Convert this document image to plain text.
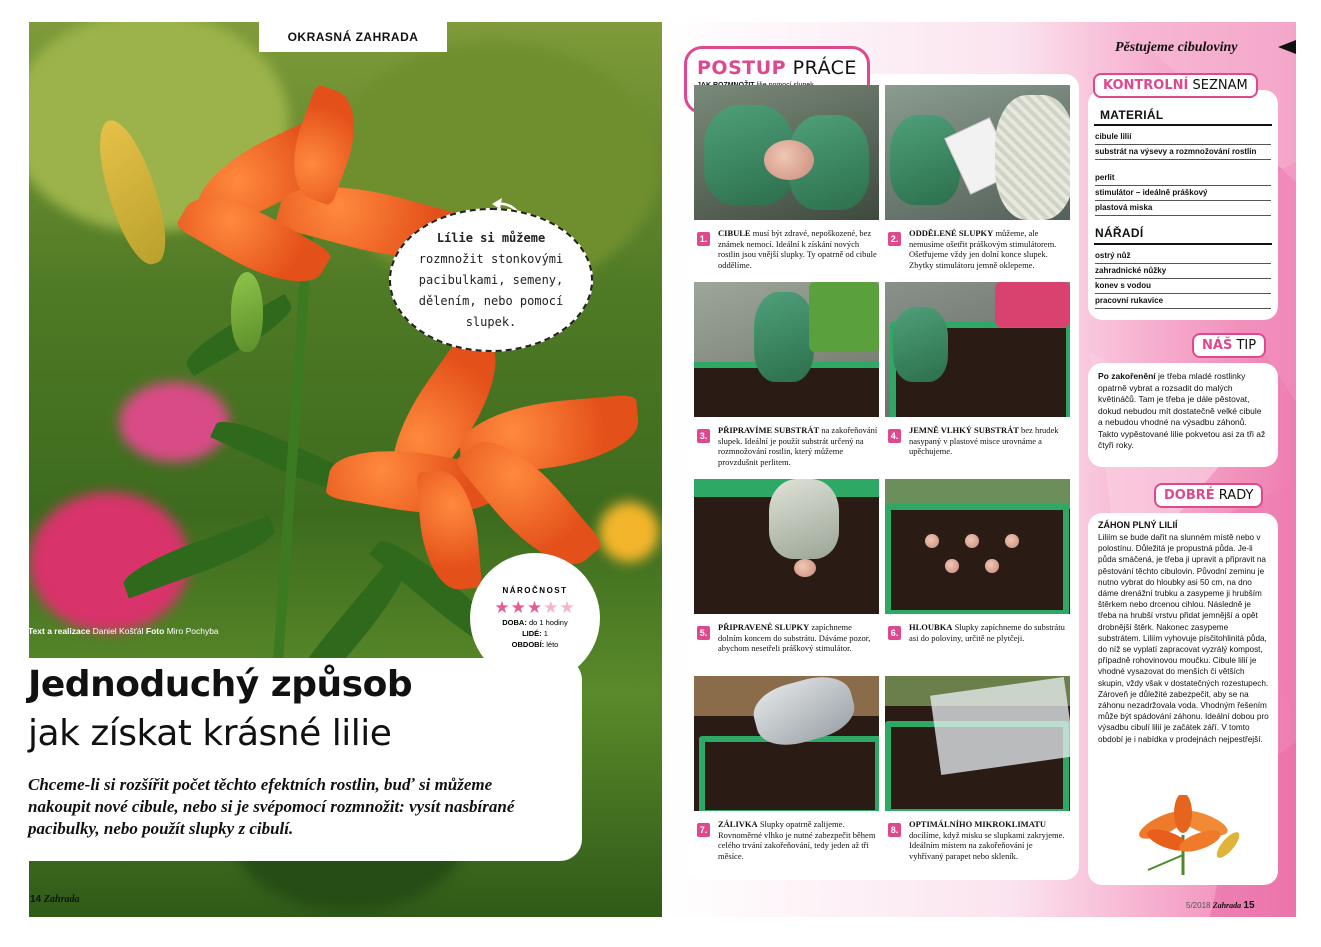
OKRASNÁ ZAHRADA
Lílie si můžeme rozmnožit stonkovými pacibulkami, semeny, dělením, nebo pomocí slupek.
Text a realizace Daniel Košťál Foto Miro Pochyba
NÁROČNOST
★★★★★
DOBA: do 1 hodiny
LIDÉ: 1
OBDOBÍ: léto
Jednoduchý způsob
jak získat krásné lilie
Chceme-li si rozšířit počet těchto efektních rostlin, buď si můžeme nakoupit nové cibule, nebo si je svépomocí rozmnožit: vysít nasbírané pacibulky, nebo použít slupky z cibulí.
14 Zahrada
Pěstujeme cibuloviny
POSTUP PRÁCE
1.
CIBULE musí být zdravé, nepoškozené, bez známek nemocí. Ideální k získání nových rostlin jsou vnější slupky. Ty opatrně od cibule oddělíme.
2.
ODDĚLENÉ SLUPKY můžeme, ale nemusíme ošetřit práškovým stimulátorem. Ošetřujeme vždy jen dolní konce slupek. Zbytky stimulátoru jemně oklepeme.
3.
PŘIPRAVÍME SUBSTRÁT na zakořeňování slupek. Ideální je použít substrát určený na rozmnožování rostlin, který můžeme provzdušnit perlitem.
4.
JEMNĚ VLHKÝ SUBSTRÁT bez hrudek nasypaný v plastové misce urovnáme a upěchujeme.
5.
PŘIPRAVENÉ SLUPKY zapíchneme dolním koncem do substrátu. Dáváme pozor, abychom nesetřeli práškový stimulátor.
6.
HLOUBKA Slupky zapíchneme do substrátu asi do poloviny, určitě ne plytčeji.
7.
ZÁLIVKA Slupky opatrně zalijeme. Rovnoměrné vlhko je nutné zabezpečit během celého trvání zakořeňování, tedy jeden až tři měsíce.
8.
OPTIMÁLNÍHO MIKROKLIMATU docílíme, když misku se slupkami zakryjeme. Ideálním místem na zakořeňování je vyhřívaný parapet nebo skleník.
KONTROLNÍ SEZNAM
MATERIÁL
cibule lilií
substrát na výsevy a rozmnožování rostlin
perlit
stimulátor – ideálně práškový
plastová miska
NÁŘADÍ
ostrý nůž
zahradnické nůžky
konev s vodou
pracovní rukavice
NÁŠ TIP
Po zakořenění je třeba mladé rostlinky opatrně vybrat a rozsadit do malých květináčů. Tam je třeba je dále pěstovat, dokud nebudou mít dostatečně velké cibule a nebudou vhodné na výsadbu záhonů. Takto vypěstované lilie pokvetou asi za tři až čtyři roky.
DOBRÉ RADY
ZÁHON PLNÝ LILIÍ
Liliím se bude dařit na slunném místě nebo v polostínu. Důležitá je propustná půda. Je-li půda smáčená, je třeba ji upravit a připravit na pěstování těchto cibulovin. Původní zeminu je nutno vybrat do hloubky asi 50 cm, na dno dáme drenážní trubku a zasypeme ji hrubším štěrkem nebo drcenou cihlou. Následně je třeba na hrubší vrstvu přidat jemnější a opět drobnější štěrk. Nakonec zasypeme substrátem. Liliím vyhovuje písčitohlinitá půda, do níž se vyplatí zapracovat vyzrálý kompost, případně rohovinovou moučku. Cibule lilií je vhodné vysazovat do menších či větších skupin, vždy však v dostatečných rozestupech. Zároveň je důležité zabezpečit, aby se na záhonu nezadržovala voda. Vhodným řešením může být spádování záhonu. Ideální dobou pro výsadbu cibulí lilií je začátek září. V tomto období je i nabídka v prodejnách nejpestřejší.
5/2018 Zahrada 15
